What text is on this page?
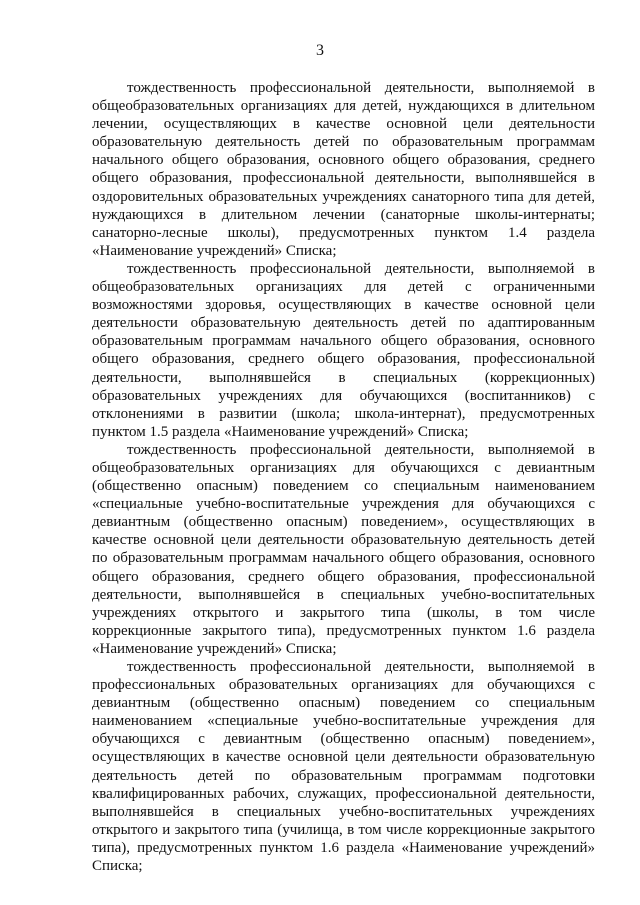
3

тождественность профессиональной деятельности, выполняемой в общеобразовательных организациях для детей, нуждающихся в длительном лечении, осуществляющих в качестве основной цели деятельности образовательную деятельность детей по образовательным программам начального общего образования, основного общего образования, среднего общего образования, профессиональной деятельности, выполнявшейся в оздоровительных образовательных учреждениях санаторного типа для детей, нуждающихся в длительном лечении (санаторные школы-интернаты; санаторно-лесные школы), предусмотренных пунктом 1.4 раздела «Наименование учреждений» Списка;

тождественность профессиональной деятельности, выполняемой в общеобразовательных организациях для детей с ограниченными возможностями здоровья, осуществляющих в качестве основной цели деятельности образовательную деятельность детей по адаптированным образовательным программам начального общего образования, основного общего образования, среднего общего образования, профессиональной деятельности, выполнявшейся в специальных (коррекционных) образовательных учреждениях для обучающихся (воспитанников) с отклонениями в развитии (школа; школа-интернат), предусмотренных пунктом 1.5 раздела «Наименование учреждений» Списка;

тождественность профессиональной деятельности, выполняемой в общеобразовательных организациях для обучающихся с девиантным (общественно опасным) поведением со специальным наименованием «специальные учебно-воспитательные учреждения для обучающихся с девиантным (общественно опасным) поведением», осуществляющих в качестве основной цели деятельности образовательную деятельность детей по образовательным программам начального общего образования, основного общего образования, среднего общего образования, профессиональной деятельности, выполнявшейся в специальных учебно-воспитательных учреждениях открытого и закрытого типа (школы, в том числе коррекционные закрытого типа), предусмотренных пунктом 1.6 раздела «Наименование учреждений» Списка;

тождественность профессиональной деятельности, выполняемой в профессиональных образовательных организациях для обучающихся с девиантным (общественно опасным) поведением со специальным наименованием «специальные учебно-воспитательные учреждения для обучающихся с девиантным (общественно опасным) поведением», осуществляющих в качестве основной цели деятельности образовательную деятельность детей по образовательным программам подготовки квалифицированных рабочих, служащих, профессиональной деятельности, выполнявшейся в специальных учебно-воспитательных учреждениях открытого и закрытого типа (училища, в том числе коррекционные закрытого типа), предусмотренных пунктом 1.6 раздела «Наименование учреждений» Списка;
